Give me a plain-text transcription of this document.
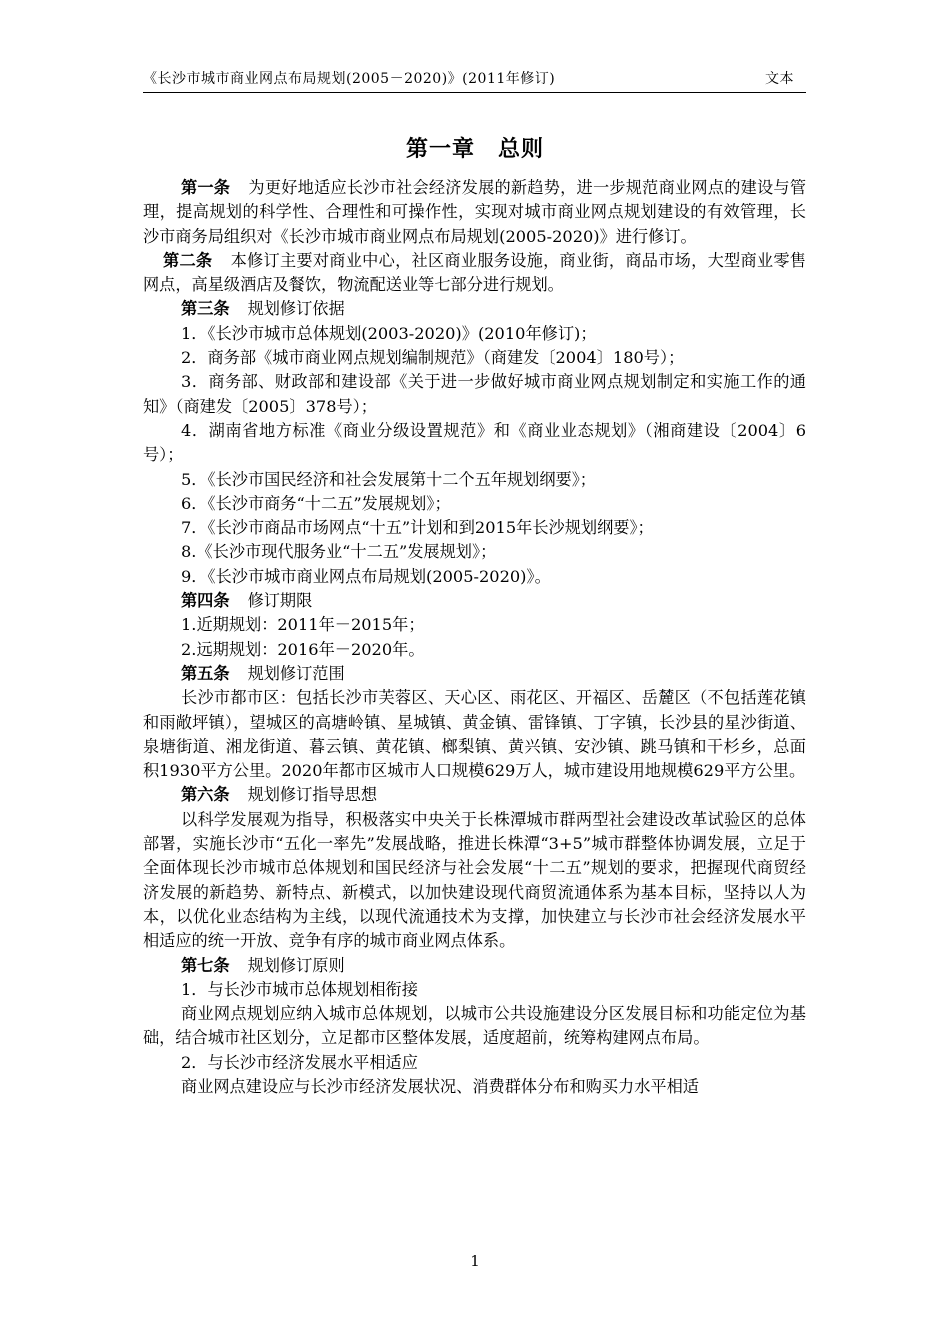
《长沙市城市商业网点布局规划(2005－2020)》(2011年修订)	文本
第一章　总则

第一条 为更好地适应长沙市社会经济发展的新趋势，进一步规范商业网点的建设与管理，提高规划的科学性、合理性和可操作性，实现对城市商业网点规划建设的有效管理，长沙市商务局组织对《长沙市城市商业网点布局规划(2005-2020)》进行修订。

第二条 本修订主要对商业中心，社区商业服务设施，商业街，商品市场，大型商业零售网点，高星级酒店及餐饮，物流配送业等七部分进行规划。

第三条 规划修订依据

1．《长沙市城市总体规划(2003-2020)》(2010年修订)；

2．商务部《城市商业网点规划编制规范》（商建发〔2004〕180号）；

3．商务部、财政部和建设部《关于进一步做好城市商业网点规划制定和实施工作的通知》（商建发〔2005〕378号）；

4．湖南省地方标准《商业分级设置规范》和《商业业态规划》（湘商建设〔2004〕6号）；

5．《长沙市国民经济和社会发展第十二个五年规划纲要》；

6．《长沙市商务“十二五”发展规划》；

7．《长沙市商品市场网点“十五”计划和到2015年长沙规划纲要》；

8.《长沙市现代服务业“十二五”发展规划》；

9．《长沙市城市商业网点布局规划(2005-2020)》。

第四条 修订期限

1.近期规划：2011年－2015年；

2.远期规划：2016年－2020年。

第五条 规划修订范围

长沙市都市区：包括长沙市芙蓉区、天心区、雨花区、开福区、岳麓区（不包括莲花镇和雨敞坪镇），望城区的高塘岭镇、星城镇、黄金镇、雷锋镇、丁字镇，长沙县的星沙街道、泉塘街道、湘龙街道、暮云镇、黄花镇、榔梨镇、黄兴镇、安沙镇、跳马镇和干杉乡，总面积1930平方公里。2020年都市区城市人口规模629万人，城市建设用地规模629平方公里。

第六条 规划修订指导思想

以科学发展观为指导，积极落实中央关于长株潭城市群两型社会建设改革试验区的总体部署，实施长沙市“五化一率先”发展战略，推进长株潭“3+5”城市群整体协调发展，立足于全面体现长沙市城市总体规划和国民经济与社会发展“十二五”规划的要求，把握现代商贸经济发展的新趋势、新特点、新模式，以加快建设现代商贸流通体系为基本目标，坚持以人为本，以优化业态结构为主线，以现代流通技术为支撑，加快建立与长沙市社会经济发展水平相适应的统一开放、竞争有序的城市商业网点体系。

第七条 规划修订原则

1．与长沙市城市总体规划相衔接

商业网点规划应纳入城市总体规划，以城市公共设施建设分区发展目标和功能定位为基础，结合城市社区划分，立足都市区整体发展，适度超前，统筹构建网点布局。

2．与长沙市经济发展水平相适应

商业网点建设应与长沙市经济发展状况、消费群体分布和购买力水平相适

1
